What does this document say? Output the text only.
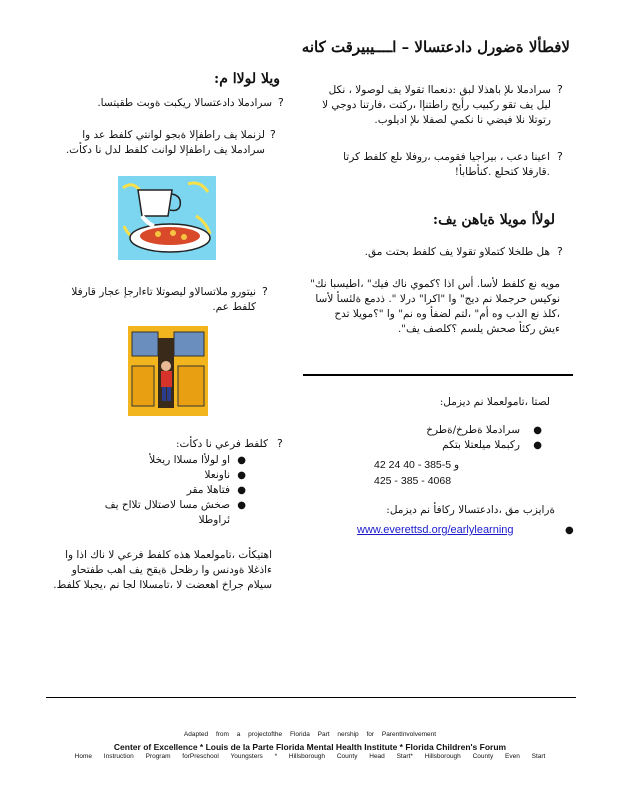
لافطألا ةضورل دادعتسالا – اــــيبيرقت كانه
?
سرادملا ىلإ باهذلا لبق :دنعماا تقولا يف لوصولا ، نكل ليل يف تقو ركبيب رأيح راطتنإا ،ركتت ،فارتنا دوجي لا رتوتلا نلا فيضي نا نكمي لصفلا ىلإ اديلوب.
?
اعينا دعب ، بيراجيا فقومب ،روفلا ىلع كلفط كرتا .قارفلا كتحلع .كنأطابأ!
لولأا مويلا ةياهن يف:
?
هل طلخلا كتملاو تقولا يف كلفط بحتت مق.
مويه نع كلفط لأسا. أس اذا ؟كموي ناك فيك" ،اطيسبا نك" نوكيس حرجملا نم ديج" وا "اكرا" درلا ". ذدمع ةلئسأ لأسا ،كلذ نع الدب وه أم" ،لتم لضفأ وه نم" وا "؟مويلا تدح ءيش ركئأ صحش يلسم ؟كلصف يف".
لصتا ،تامولعملا نم ديزمل:
سرادملا ةطرخ/ةطرخ ●
ركبملا ميلعتلا بتكم ●
42 و 5-385 - 40 24
425 - 385 - 4068
ةرايزب مق ،دادعتسالا ركافأ نم ديزمل:
www.everettsd.org/earlylearning	●
ويلا لولاا م:
?
سرادملا دادعتسالا ريكبت ةوبت طقيتسا.
?
لزنملا يف راطفإلا ةبجو لوانتي كلفط عد وا سرادملا يف راطفإلا لوانت كلفط لدل نا دكأت.
?
نيتورو ملاتسالاو ليصوتلا تاءارجإ عجار قارفلا كلفط عم.
?
كلفط فرعي نا دكأت:
او لولأا مسلاا ريخلأ ●
ناونعلا ●
فتاهلا مقر ●
صخش مسا لاصتلال تلااح يف ئراوطلا
●
اهتيكأت ،تامولعملا هذه كلفط فرعي لا ناك اذا وا ءاذغلا ةودنس وا رظحل ةيقح يف اهب طفتحاو سيلام جراخ اهعضت لا ،تامسلاا لجا نم ،يجبلا كلفط.
Adapted from a projectofthe Florida Part nership for ParentInvolvement
Center of Excellence * Louis de la Parte Florida Mental Health Institute * Florida Children's Forum
Home Instruction Program forPreschool Youngsters * Hillsborough County Head Start* Hillsborough County Even Start
